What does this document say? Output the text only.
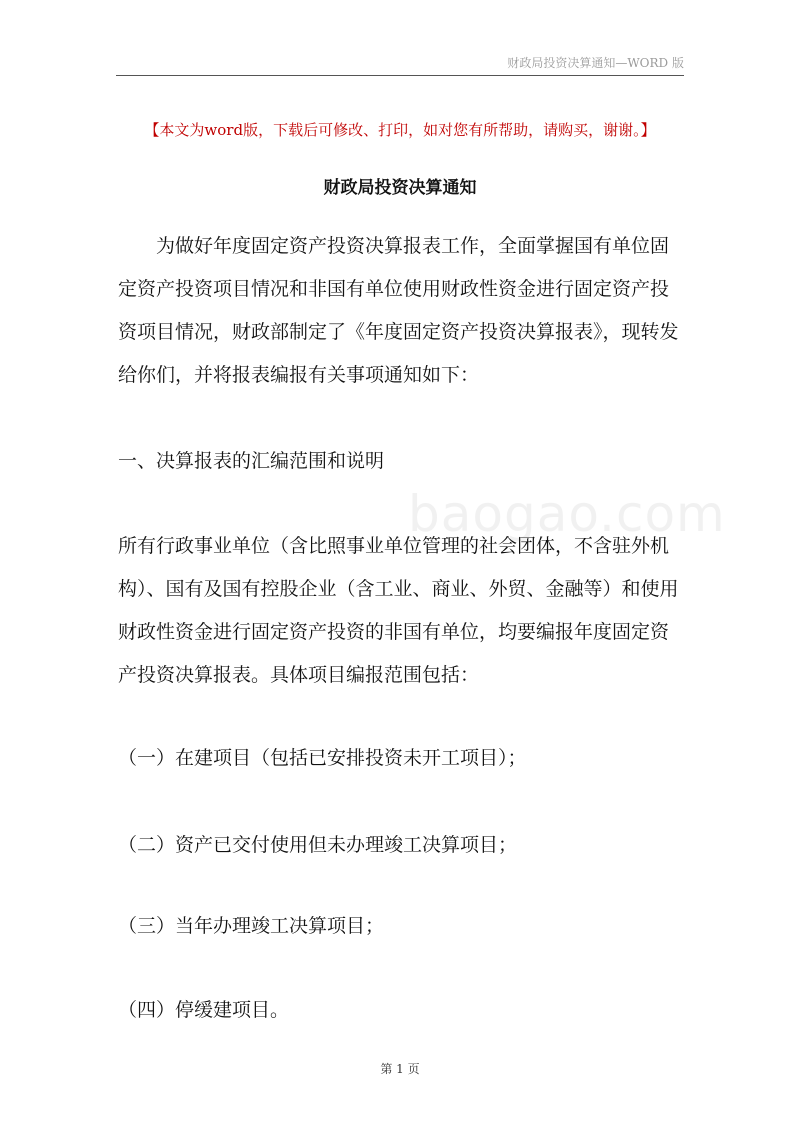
财政局投资决算通知—WORD 版
【本文为word版，下载后可修改、打印，如对您有所帮助，请购买，谢谢。】
财政局投资决算通知

为做好年度固定资产投资决算报表工作，全面掌握国有单位固定资产投资项目情况和非国有单位使用财政性资金进行固定资产投资项目情况，财政部制定了《年度固定资产投资决算报表》，现转发给你们，并将报表编报有关事项通知如下：

一、决算报表的汇编范围和说明

所有行政事业单位（含比照事业单位管理的社会团体，不含驻外机构）、国有及国有控股企业（含工业、商业、外贸、金融等）和使用财政性资金进行固定资产投资的非国有单位，均要编报年度固定资产投资决算报表。具体项目编报范围包括：

（一）在建项目（包括已安排投资未开工项目）；

（二）资产已交付使用但未办理竣工决算项目；

（三）当年办理竣工决算项目；

（四）停缓建项目。

baogao.com
第 1 页
